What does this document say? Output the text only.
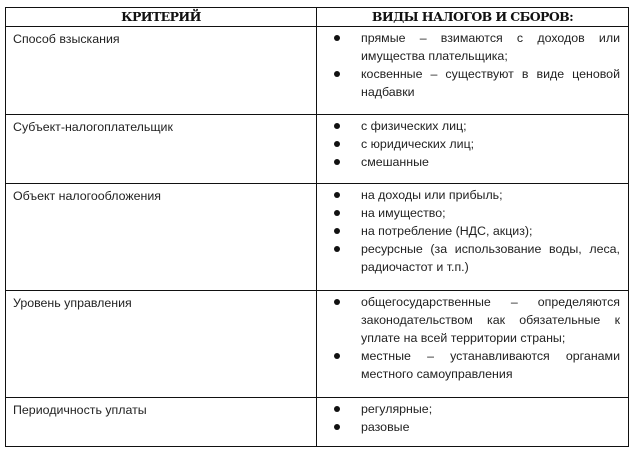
КРИТЕРИЙ	ВИДЫ НАЛОГОВ И СБОРОВ:
Способ взыскания	прямые – взимаются с доходов или имущества плательщика;
косвенные – существуют в виде ценовой надбавки

Субъект-налогоплательщик	с физических лиц;
с юридических лиц;
смешанные

Объект налогообложения	на доходы или прибыль;
на имущество;
на потребление (НДС, акциз);
ресурсные (за использование воды, леса, радиочастот и т.п.)

Уровень управления	общегосударственные – определяются законодательством как обязательные к уплате на всей территории страны;
местные – устанавливаются органами местного самоуправления

Периодичность уплаты	регулярные;
разовые
